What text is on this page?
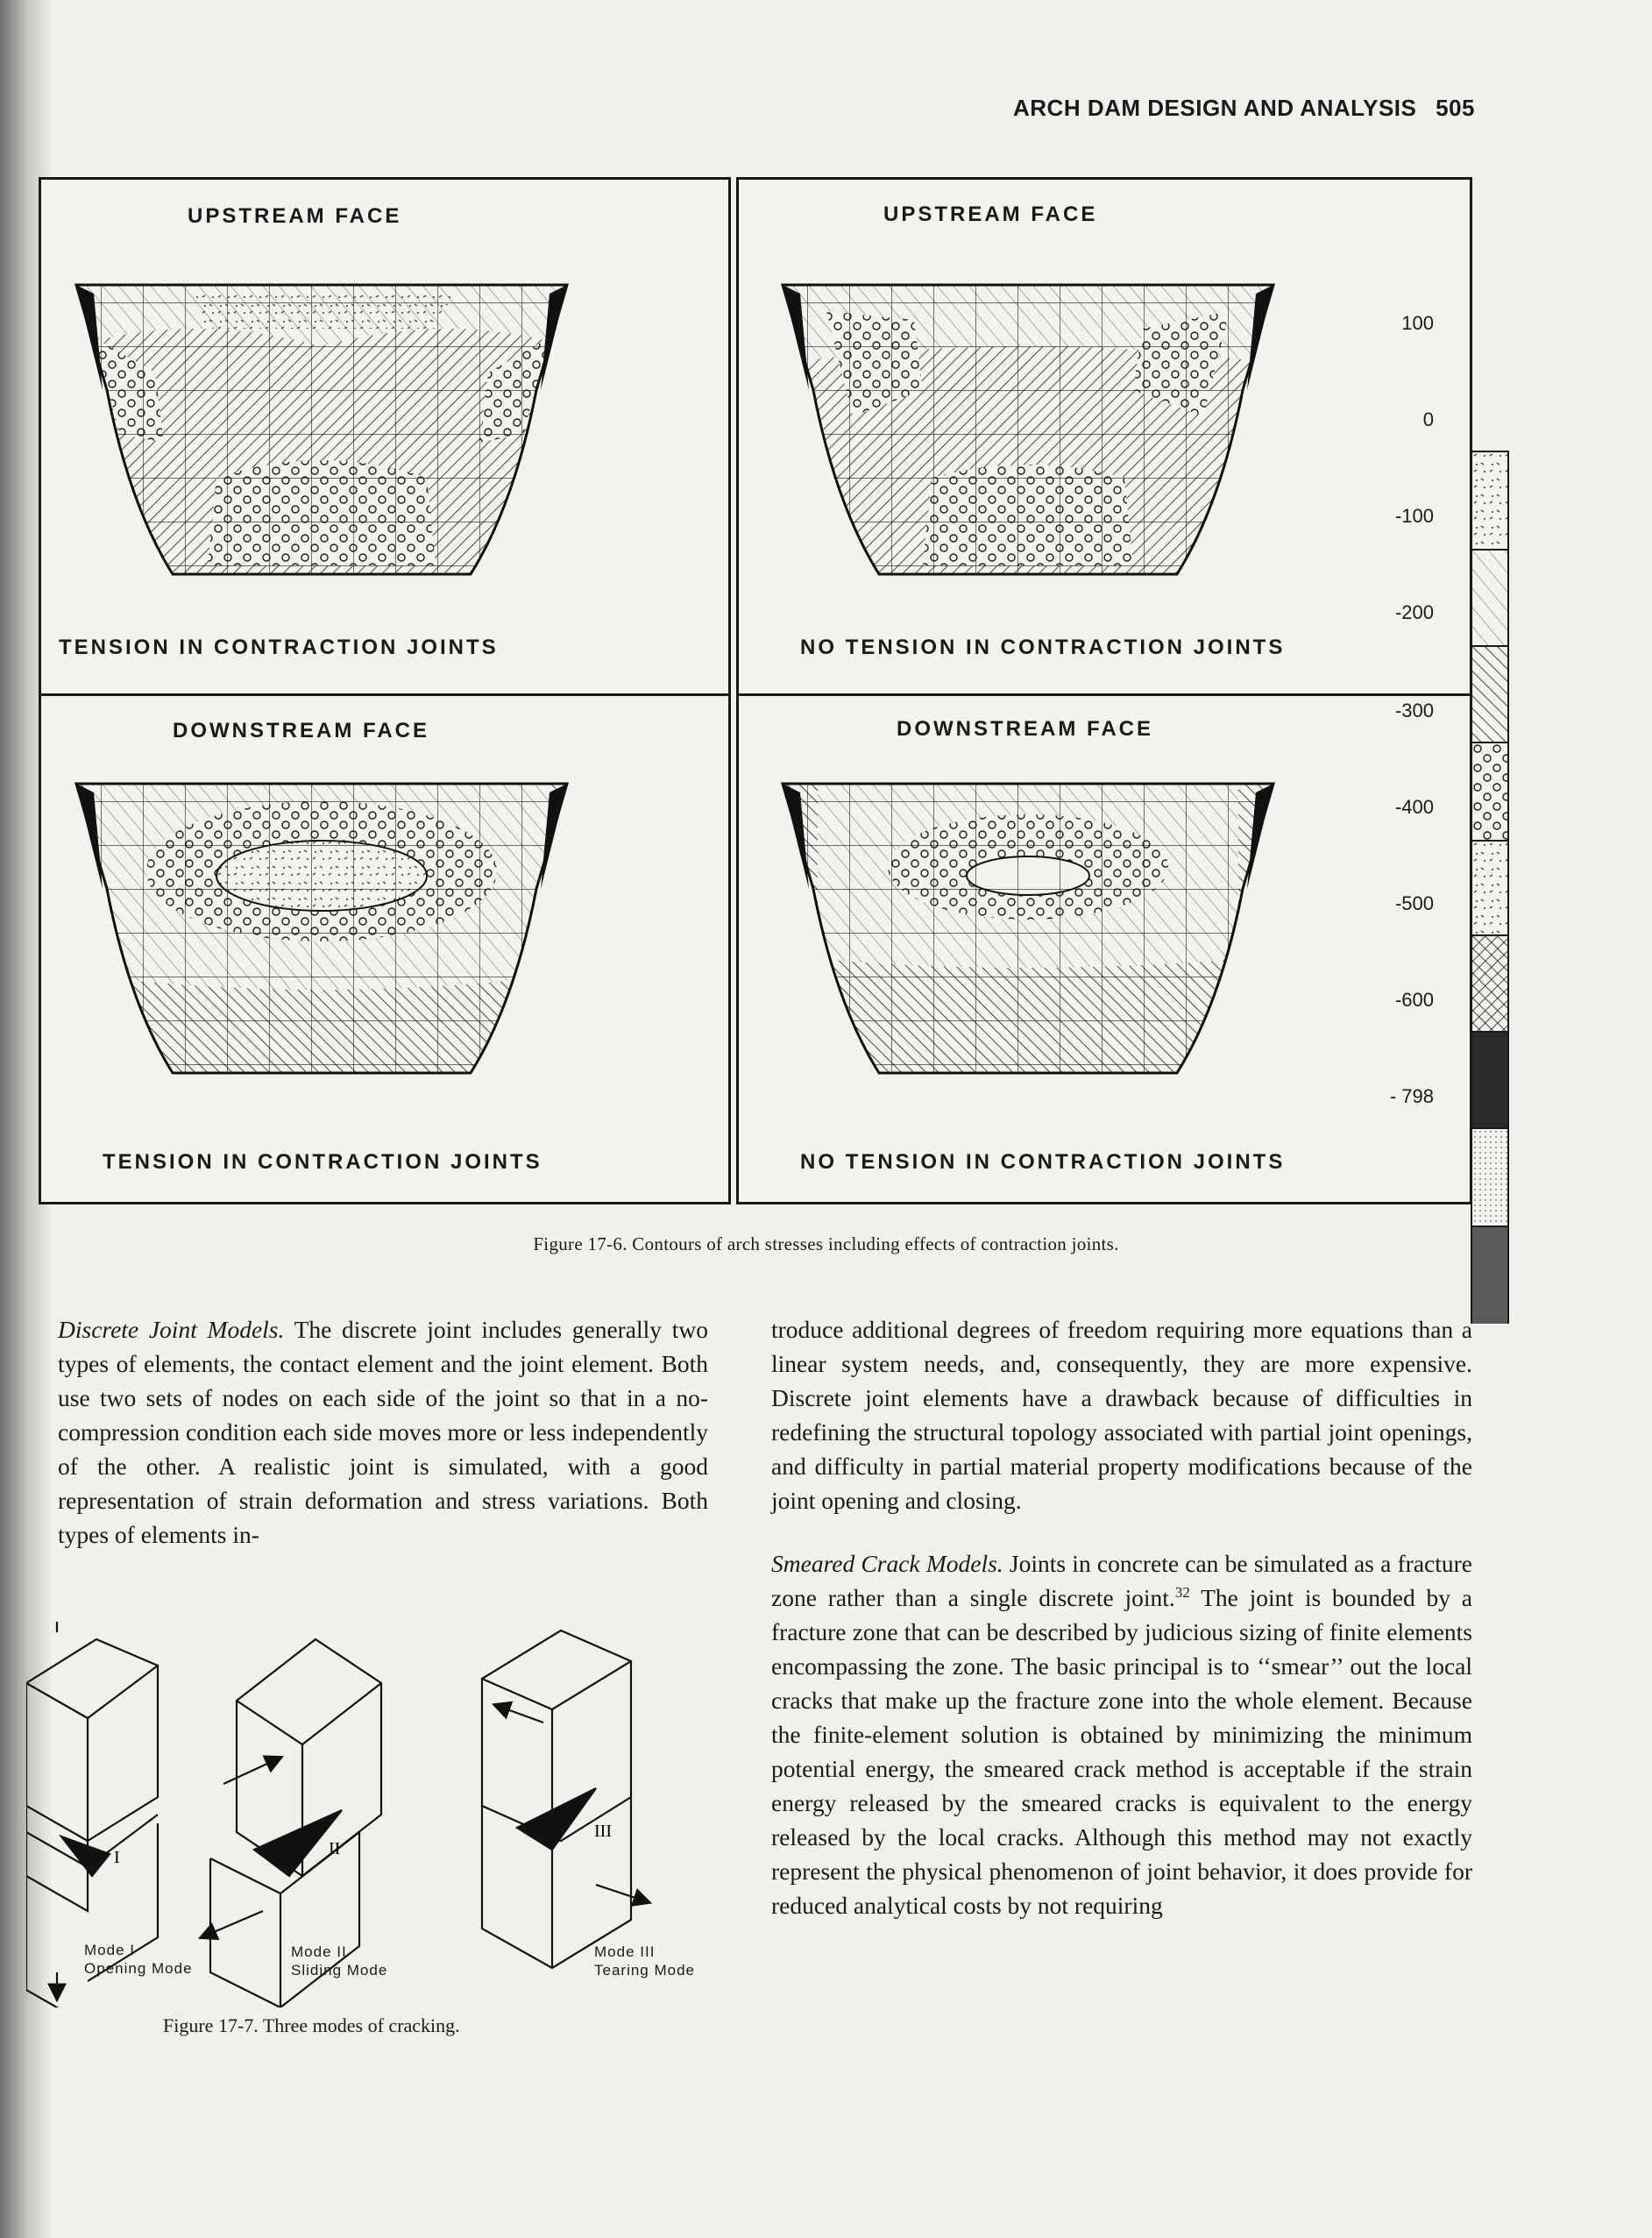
ARCH DAM DESIGN AND ANALYSIS 505
UPSTREAM FACE
TENSION IN CONTRACTION JOINTS
UPSTREAM FACE
NO TENSION IN CONTRACTION JOINTS
DOWNSTREAM FACE
TENSION IN CONTRACTION JOINTS
DOWNSTREAM FACE
NO TENSION IN CONTRACTION JOINTS
100
0
-100
-200
-300
-400
-500
-600
- 798
Figure 17-6. Contours of arch stresses including effects of contraction joints.

Discrete Joint Models. The discrete joint includes generally two types of elements, the contact element and the joint element. Both use two sets of nodes on each side of the joint so that in a no-compression condition each side moves more or less independently of the other. A realistic joint is simulated, with a good representation of strain deformation and stress variations. Both types of elements in-

troduce additional degrees of freedom requiring more equations than a linear system needs, and, consequently, they are more expensive. Discrete joint elements have a drawback because of difficulties in redefining the structural topology associated with partial joint openings, and difficulty in partial material property modifications because of the joint opening and closing.

Smeared Crack Models. Joints in concrete can be simulated as a fracture zone rather than a single discrete joint.$^{32}$ The joint is bounded by a fracture zone that can be described by judicious sizing of finite elements encompassing the zone. The basic principal is to ‘‘smear’’ out the local cracks that make up the fracture zone into the whole element. Because the finite-element solution is obtained by minimizing the minimum potential energy, the smeared crack method is acceptable if the strain energy released by the smeared cracks is equivalent to the energy released by the local cracks. Although this method may not exactly represent the physical phenomenon of joint behavior, it does provide for reduced analytical costs by not requiring

I	II
III
Mode I
Opening Mode
Mode II
Sliding Mode
Mode III
Tearing Mode
Figure 17-7. Three modes of cracking.
